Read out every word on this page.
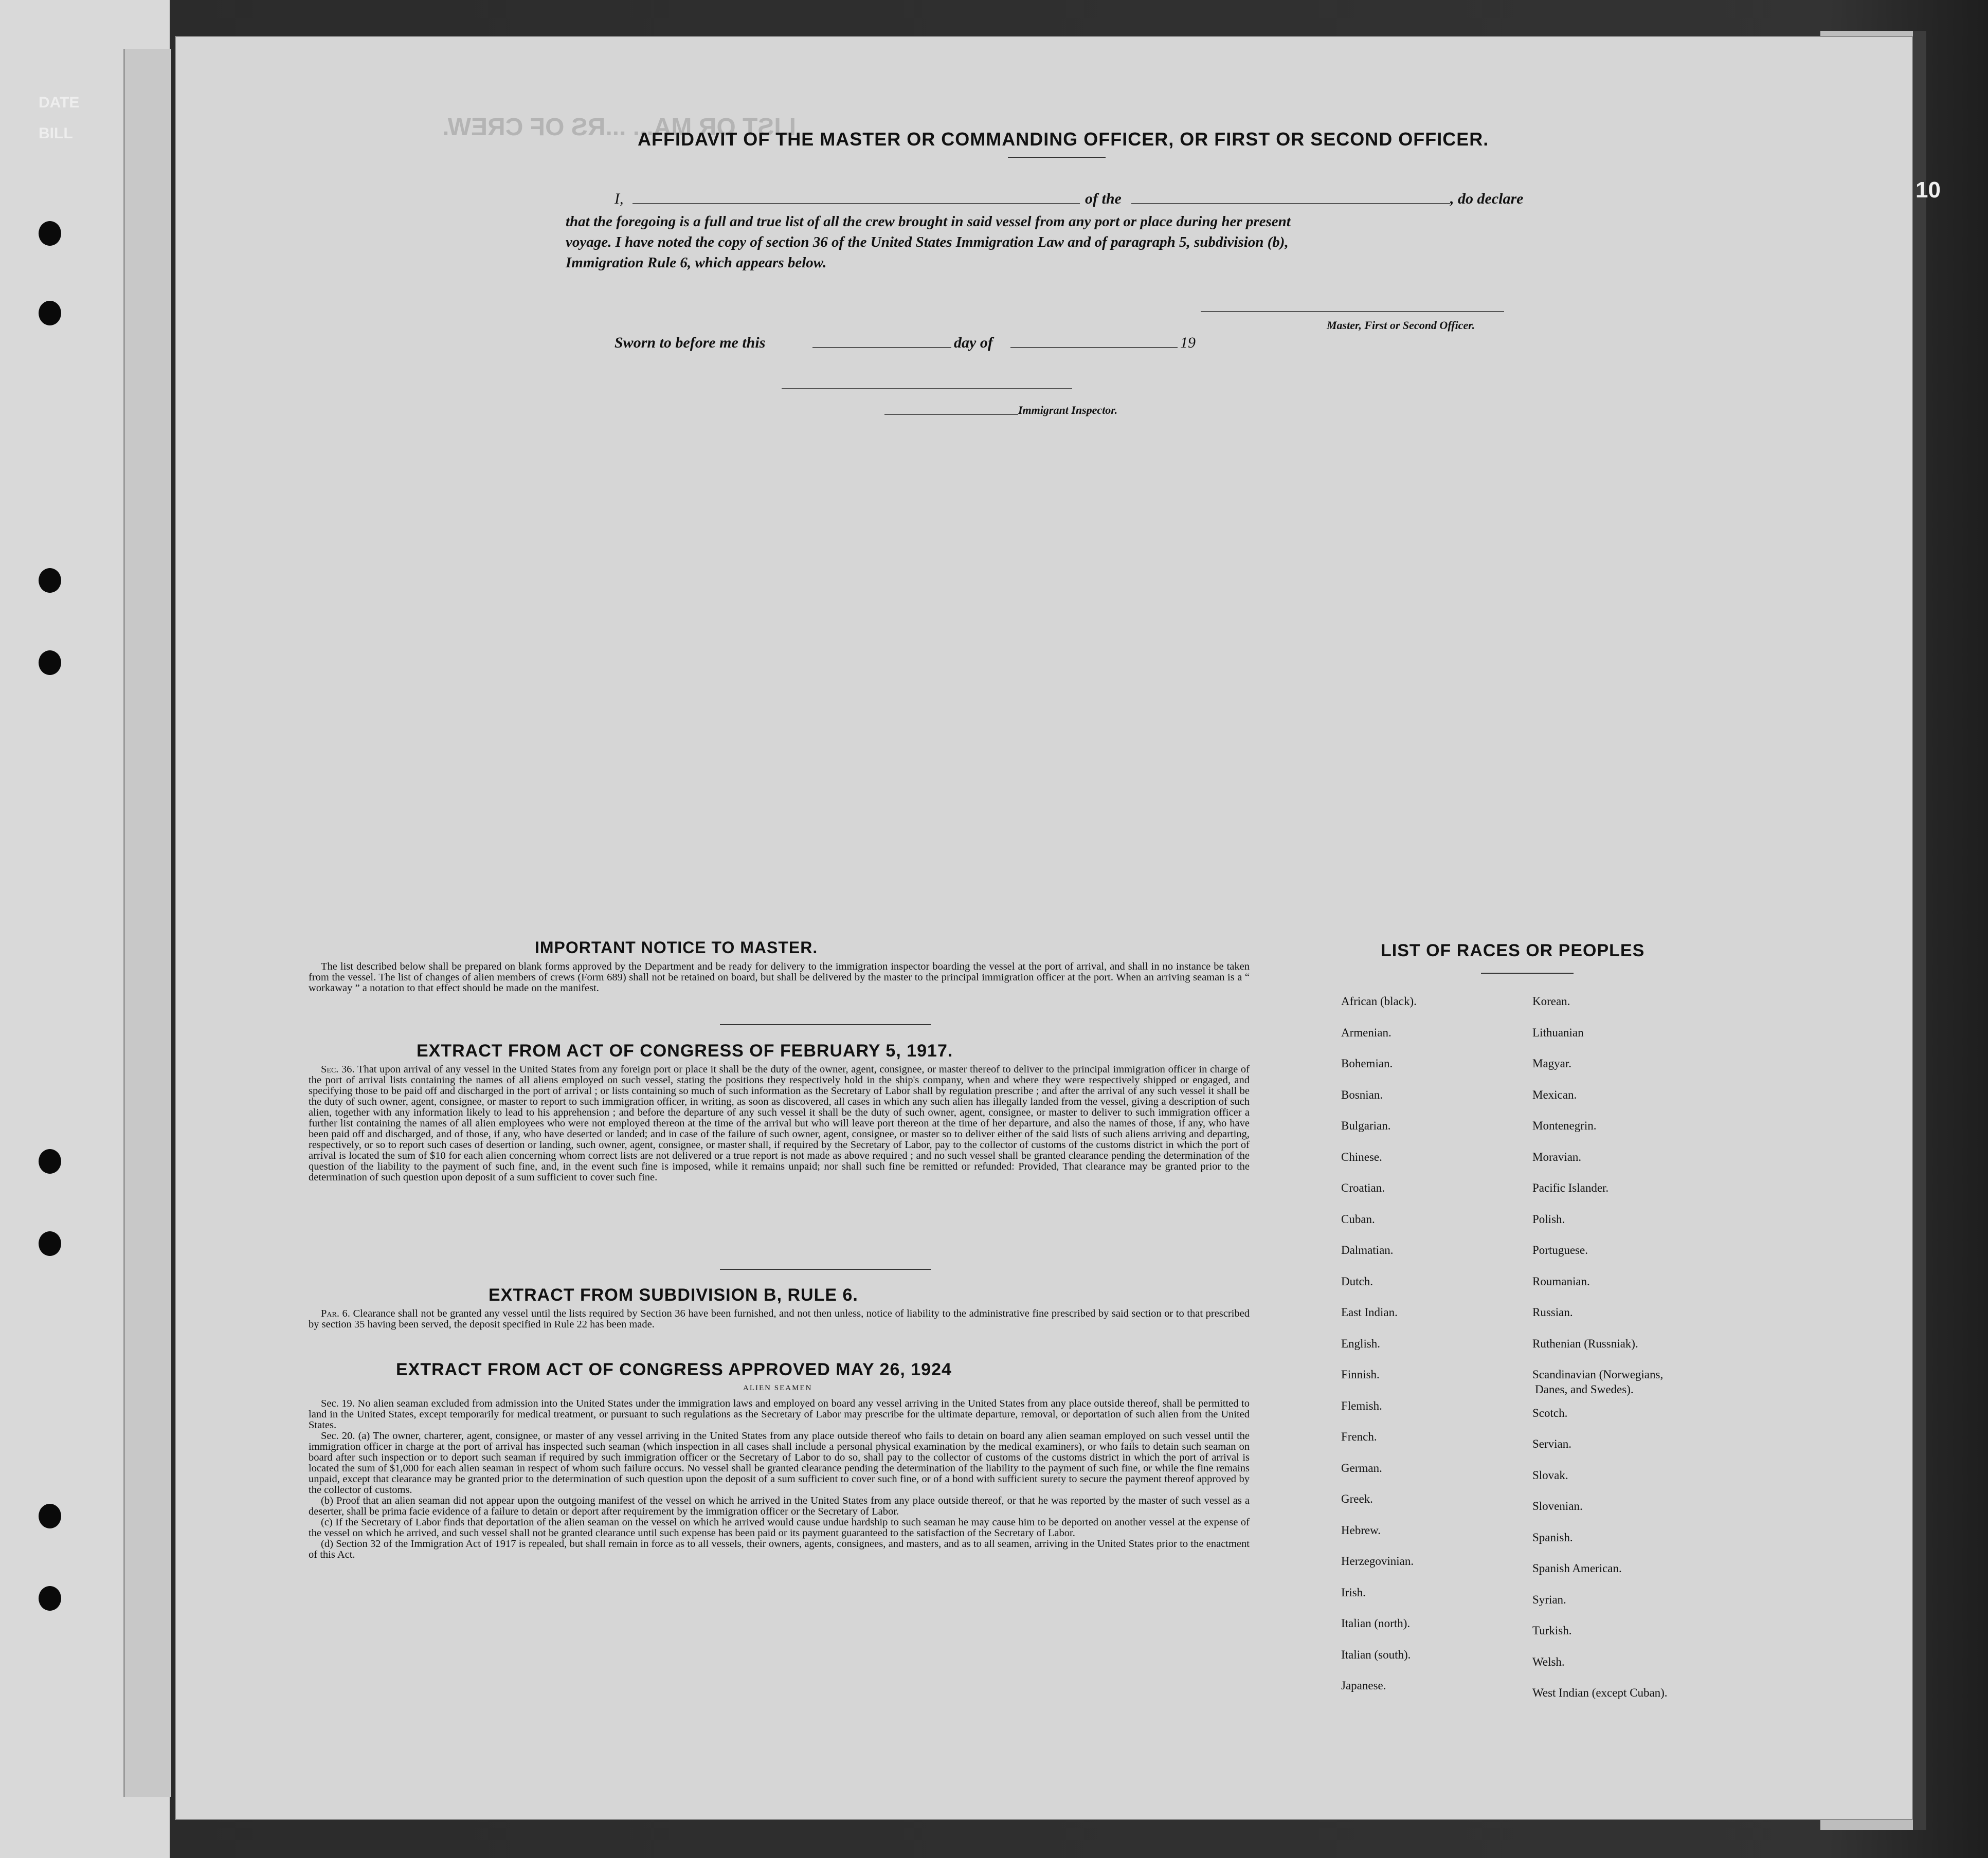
DATE
BILL
10
LIST OR MA... ...RS OF CREW.
AFFIDAVIT OF THE MASTER OR COMMANDING OFFICER, OR FIRST OR SECOND OFFICER.
I,	of the	, do declare
that the foregoing is a full and true list of all the crew brought in said vessel from any port or place during her present
voyage. I have noted the copy of section 36 of the United States Immigration Law and of paragraph 5, subdivision (b),
Immigration Rule 6, which appears below.
Master, First or Second Officer.
Sworn to before me this	day of	19
Immigrant Inspector.
IMPORTANT NOTICE TO MASTER.

The list described below shall be prepared on blank forms approved by the Department and be ready for delivery to the immigration inspector boarding the vessel at the port of arrival, and shall in no instance be taken from the vessel. The list of changes of alien members of crews (Form 689) shall not be retained on board, but shall be delivered by the master to the principal immigration officer at the port. When an arriving seaman is a “ workaway ” a notation to that effect should be made on the manifest.

EXTRACT FROM ACT OF CONGRESS OF FEBRUARY 5, 1917.

Sec. 36. That upon arrival of any vessel in the United States from any foreign port or place it shall be the duty of the owner, agent, consignee, or master thereof to deliver to the principal immigration officer in charge of the port of arrival lists containing the names of all aliens employed on such vessel, stating the positions they respectively hold in the ship's company, when and where they were respectively shipped or engaged, and specifying those to be paid off and discharged in the port of arrival ; or lists containing so much of such information as the Secretary of Labor shall by regulation prescribe ; and after the arrival of any such vessel it shall be the duty of such owner, agent, consignee, or master to report to such immigration officer, in writing, as soon as discovered, all cases in which any such alien has illegally landed from the vessel, giving a description of such alien, together with any information likely to lead to his apprehension ; and before the departure of any such vessel it shall be the duty of such owner, agent, consignee, or master to deliver to such immigration officer a further list containing the names of all alien employees who were not employed thereon at the time of the arrival but who will leave port thereon at the time of her departure, and also the names of those, if any, who have been paid off and discharged, and of those, if any, who have deserted or landed; and in case of the failure of such owner, agent, consignee, or master so to deliver either of the said lists of such aliens arriving and departing, respectively, or so to report such cases of desertion or landing, such owner, agent, consignee, or master shall, if required by the Secretary of Labor, pay to the collector of customs of the customs district in which the port of arrival is located the sum of $10 for each alien concerning whom correct lists are not delivered or a true report is not made as above required ; and no such vessel shall be granted clearance pending the determination of the question of the liability to the payment of such fine, and, in the event such fine is imposed, while it remains unpaid; nor shall such fine be remitted or refunded: Provided, That clearance may be granted prior to the determination of such question upon deposit of a sum sufficient to cover such fine.

EXTRACT FROM SUBDIVISION B, RULE 6.

Par. 6. Clearance shall not be granted any vessel until the lists required by Section 36 have been furnished, and not then unless, notice of liability to the administrative fine prescribed by said section or to that prescribed by section 35 having been served, the deposit specified in Rule 22 has been made.

EXTRACT FROM ACT OF CONGRESS APPROVED MAY 26, 1924
ALIEN SEAMEN

Sec. 19. No alien seaman excluded from admission into the United States under the immigration laws and employed on board any vessel arriving in the United States from any place outside thereof, shall be permitted to land in the United States, except temporarily for medical treatment, or pursuant to such regulations as the Secretary of Labor may prescribe for the ultimate departure, removal, or deportation of such alien from the United States.

Sec. 20. (a) The owner, charterer, agent, consignee, or master of any vessel arriving in the United States from any place outside thereof who fails to detain on board any alien seaman employed on such vessel until the immigration officer in charge at the port of arrival has inspected such seaman (which inspection in all cases shall include a personal physical examination by the medical examiners), or who fails to detain such seaman on board after such inspection or to deport such seaman if required by such immigration officer or the Secretary of Labor to do so, shall pay to the collector of customs of the customs district in which the port of arrival is located the sum of $1,000 for each alien seaman in respect of whom such failure occurs. No vessel shall be granted clearance pending the determination of the liability to the payment of such fine, or while the fine remains unpaid, except that clearance may be granted prior to the determination of such question upon the deposit of a sum sufficient to cover such fine, or of a bond with sufficient surety to secure the payment thereof approved by the collector of customs.

(b) Proof that an alien seaman did not appear upon the outgoing manifest of the vessel on which he arrived in the United States from any place outside thereof, or that he was reported by the master of such vessel as a deserter, shall be prima facie evidence of a failure to detain or deport after requirement by the immigration officer or the Secretary of Labor.

(c) If the Secretary of Labor finds that deportation of the alien seaman on the vessel on which he arrived would cause undue hardship to such seaman he may cause him to be deported on another vessel at the expense of the vessel on which he arrived, and such vessel shall not be granted clearance until such expense has been paid or its payment guaranteed to the satisfaction of the Secretary of Labor.

(d) Section 32 of the Immigration Act of 1917 is repealed, but shall remain in force as to all vessels, their owners, agents, consignees, and masters, and as to all seamen, arriving in the United States prior to the enactment of this Act.

LIST OF RACES OR PEOPLES
African (black).
Armenian.
Bohemian.
Bosnian.
Bulgarian.
Chinese.
Croatian.
Cuban.
Dalmatian.
Dutch.
East Indian.
English.
Finnish.
Flemish.
French.
German.
Greek.
Hebrew.
Herzegovinian.
Irish.
Italian (north).
Italian (south).
Japanese.
Korean.
Lithuanian
Magyar.
Mexican.
Montenegrin.
Moravian.
Pacific Islander.
Polish.
Portuguese.
Roumanian.
Russian.
Ruthenian (Russniak).
Scandinavian (Norwegians,
Scotch.
Servian.
Slovak.
Slovenian.
Spanish.
Spanish American.
Syrian.
Turkish.
Welsh.
West Indian (except Cuban).
Danes, and Swedes).
